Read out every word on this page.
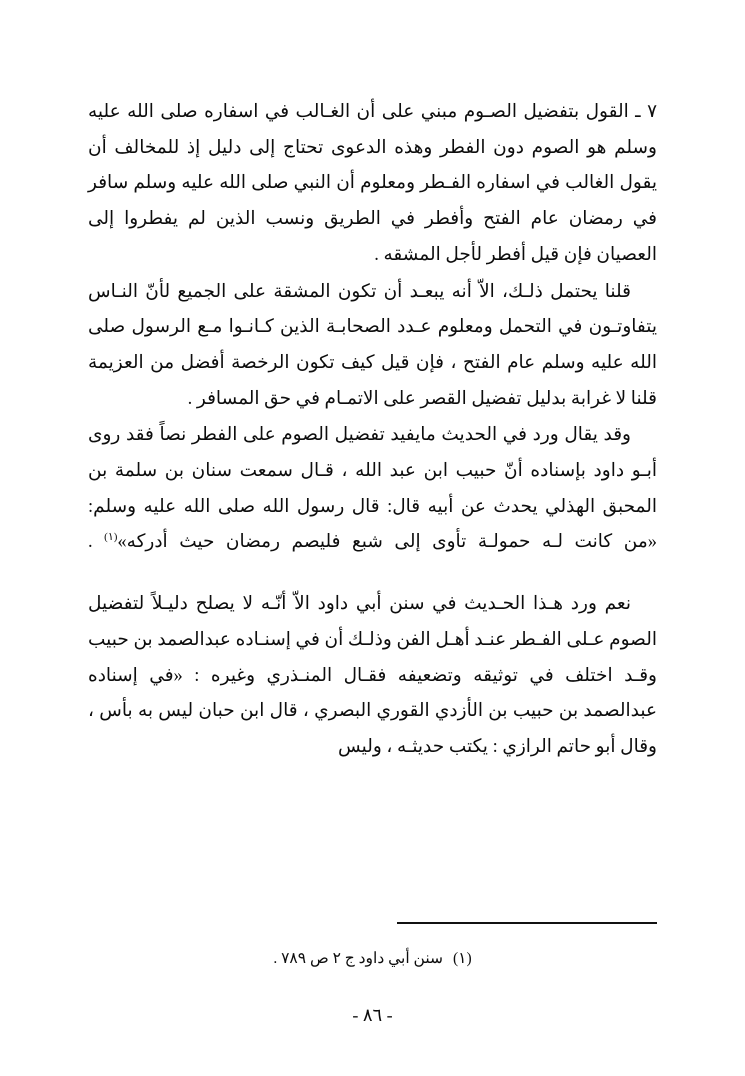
٧ ـ القول بتفضيل الصـوم مبني على أن الغـالب في اسفاره صلى الله عليه وسلم هو الصوم دون الفطر وهذه الدعوى تحتاج إلى دليل إذ للمخالف أن يقول الغالب في اسفاره الفـطر ومعلوم أن النبي صلى الله عليه وسلم سافر في رمضان عام الفتح وأفطر في الطريق ونسب الذين لم يفطروا إلى العصيان فإن قيل أفطر لأجل المشقه .

قلنا يحتمل ذلـك، الاّ أنه يبعـد أن تكون المشقة على الجميع لأنّ النـاس يتفاوتـون في التحمل ومعلوم عـدد الصحابـة الذين كـانـوا مـع الرسول صلى الله عليه وسلم عام الفتح ، فإن قيل كيف تكون الرخصة أفضل من العزيمة قلنا لا غرابة بدليل تفضيل القصر على الاتمـام في حق المسافر .

وقد يقال ورد في الحديث مايفيد تفضيل الصوم على الفطر نصاً فقد روى أبـو داود بإسناده أنّ حبيب ابن عبد الله ، قـال سمعت سنان بن سلمة بن المحبق الهذلي يحدث عن أبيه قال: قال رسول الله صلى الله عليه وسلم: «من كانت لـه حمولـة تأوى إلى شبع فليصم رمضان حيث أدركه»$^{(١)}$ .

نعم ورد هـذا الحـديث في سنن أبي داود الاّ أنّـه لا يصلح دليـلاً لتفضيل الصوم عـلى الفـطر عنـد أهـل الفن وذلـك أن في إسنـاده عبدالصمد بن حبيب وقـد اختلف في توثيقه وتضعيفه فقـال المنـذري وغيره : «في إسناده عبدالصمد بن حبيب بن الأزدي القوري البصري ، قال ابن حبان ليس به بأس ، وقال أبو حاتم الرازي : يكتب حديثـه ، وليس

(١)سنن أبي داود ج ٢ ص ٧٨٩ .
- ٨٦ -
